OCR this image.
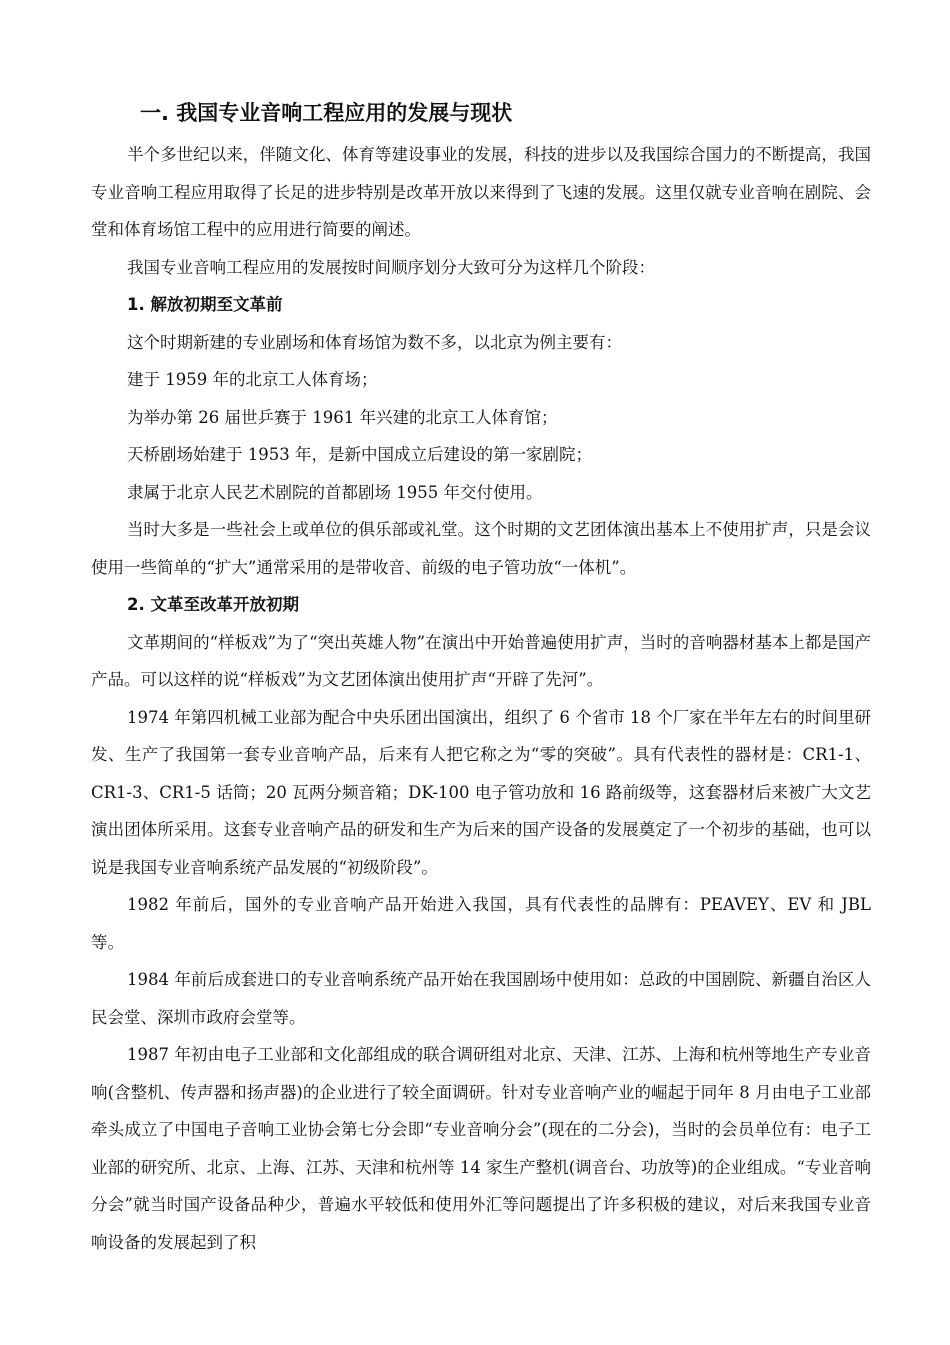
一. 我国专业音响工程应用的发展与现状

半个多世纪以来，伴随文化、体育等建设事业的发展，科技的进步以及我国综合国力的不断提高，我国专业音响工程应用取得了长足的进步特别是改革开放以来得到了飞速的发展。这里仅就专业音响在剧院、会堂和体育场馆工程中的应用进行简要的阐述。

我国专业音响工程应用的发展按时间顺序划分大致可分为这样几个阶段：

1. 解放初期至文革前

这个时期新建的专业剧场和体育场馆为数不多，以北京为例主要有：

建于 1959 年的北京工人体育场；

为举办第 26 届世乒赛于 1961 年兴建的北京工人体育馆；

天桥剧场始建于 1953 年，是新中国成立后建设的第一家剧院；

隶属于北京人民艺术剧院的首都剧场 1955 年交付使用。

当时大多是一些社会上或单位的俱乐部或礼堂。这个时期的文艺团体演出基本上不使用扩声，只是会议使用一些简单的“扩大”通常采用的是带收音、前级的电子管功放“一体机”。

2. 文革至改革开放初期

文革期间的“样板戏”为了“突出英雄人物”在演出中开始普遍使用扩声，当时的音响器材基本上都是国产产品。可以这样的说“样板戏”为文艺团体演出使用扩声“开辟了先河”。

1974 年第四机械工业部为配合中央乐团出国演出，组织了 6 个省市 18 个厂家在半年左右的时间里研发、生产了我国第一套专业音响产品，后来有人把它称之为“零的突破”。具有代表性的器材是：CR1-1、CR1-3、CR1-5 话筒；20 瓦两分频音箱；DK-100 电子管功放和 16 路前级等，这套器材后来被广大文艺演出团体所采用。这套专业音响产品的研发和生产为后来的国产设备的发展奠定了一个初步的基础，也可以说是我国专业音响系统产品发展的“初级阶段”。

1982 年前后，国外的专业音响产品开始进入我国，具有代表性的品牌有：PEAVEY、EV 和 JBL 等。

1984 年前后成套进口的专业音响系统产品开始在我国剧场中使用如：总政的中国剧院、新疆自治区人民会堂、深圳市政府会堂等。

1987 年初由电子工业部和文化部组成的联合调研组对北京、天津、江苏、上海和杭州等地生产专业音响(含整机、传声器和扬声器)的企业进行了较全面调研。针对专业音响产业的崛起于同年 8 月由电子工业部牵头成立了中国电子音响工业协会第七分会即“专业音响分会”(现在的二分会)，当时的会员单位有：电子工业部的研究所、北京、上海、江苏、天津和杭州等 14 家生产整机(调音台、功放等)的企业组成。“专业音响分会”就当时国产设备品种少，普遍水平较低和使用外汇等问题提出了许多积极的建议，对后来我国专业音响设备的发展起到了积
